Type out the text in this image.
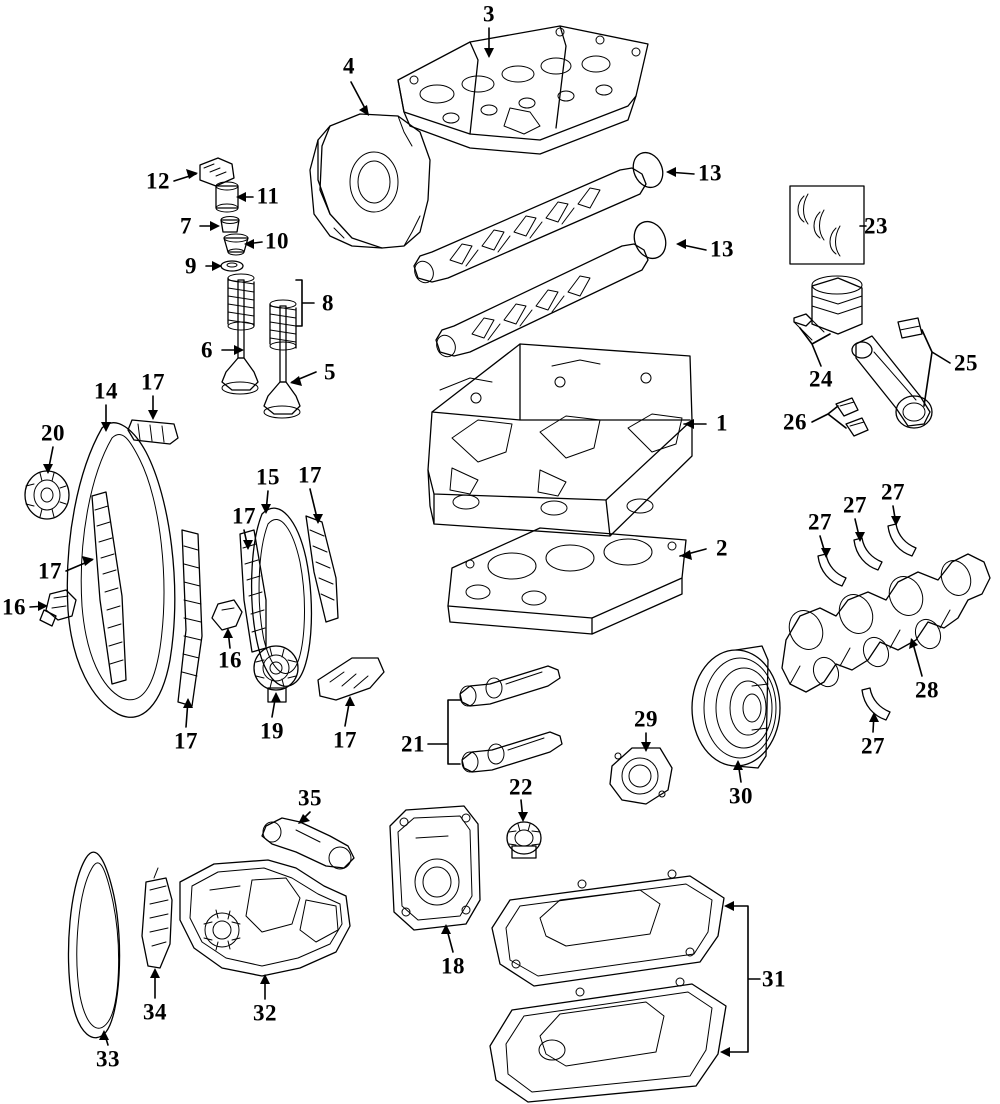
1
2
3
4
5
6
7
8
9
10
11
12	13
13
14
15
16
16
17
17
17
17
17
17
18
19
20
21
22
23
24
25
26
27
27
27
27
28
29
30
31
32
33
34
35
